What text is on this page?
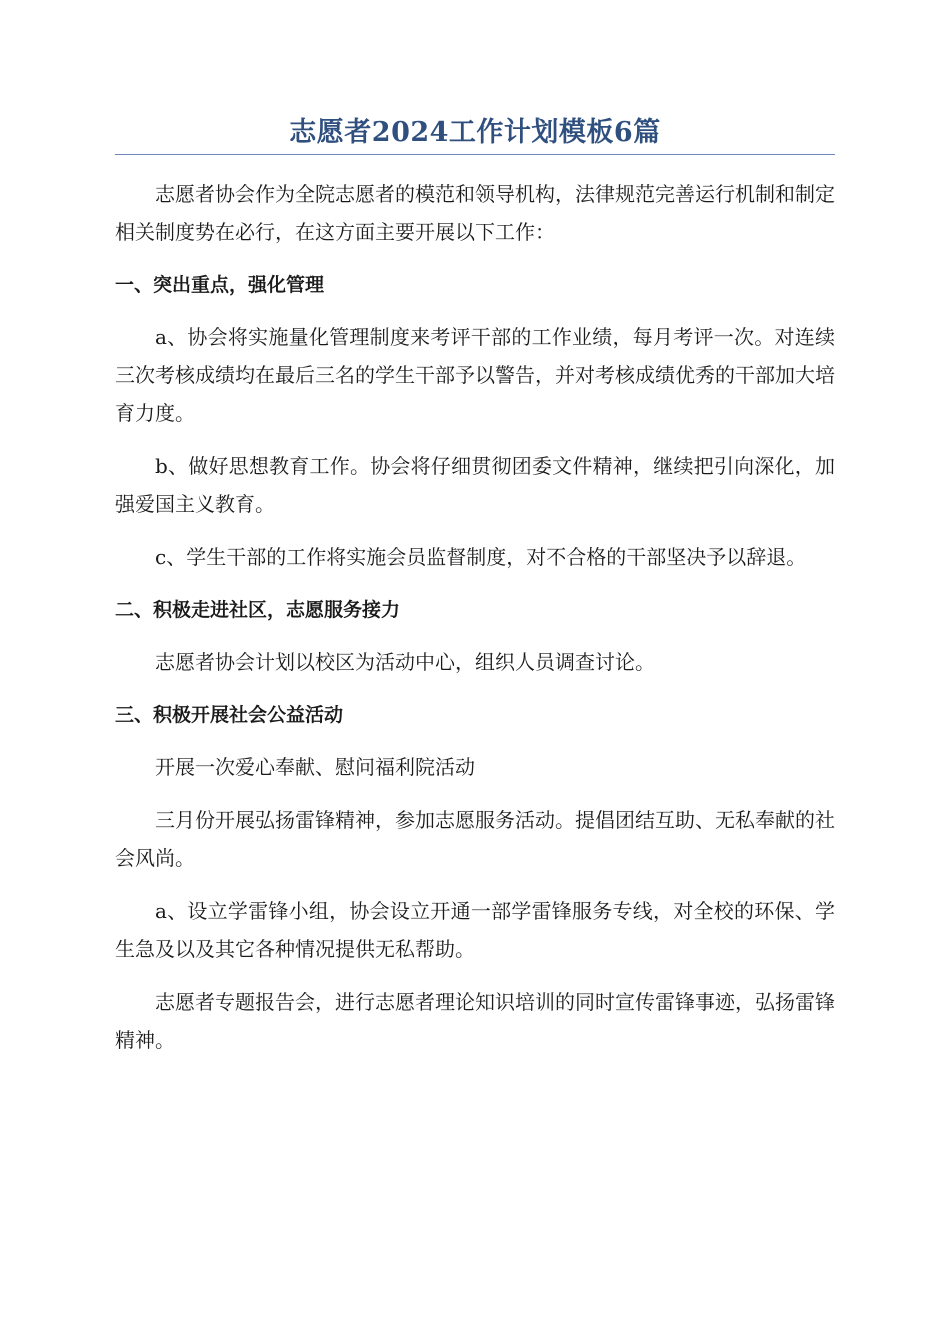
志愿者2024工作计划模板6篇

志愿者协会作为全院志愿者的模范和领导机构，法律规范完善运行机制和制定相关制度势在必行，在这方面主要开展以下工作：

一、突出重点，强化管理

a、协会将实施量化管理制度来考评干部的工作业绩，每月考评一次。对连续三次考核成绩均在最后三名的学生干部予以警告，并对考核成绩优秀的干部加大培育力度。

b、做好思想教育工作。协会将仔细贯彻团委文件精神，继续把引向深化，加强爱国主义教育。

c、学生干部的工作将实施会员监督制度，对不合格的干部坚决予以辞退。

二、积极走进社区，志愿服务接力

志愿者协会计划以校区为活动中心，组织人员调查讨论。

三、积极开展社会公益活动

开展一次爱心奉献、慰问福利院活动

三月份开展弘扬雷锋精神，参加志愿服务活动。提倡团结互助、无私奉献的社会风尚。

a、设立学雷锋小组，协会设立开通一部学雷锋服务专线，对全校的环保、学生急及以及其它各种情况提供无私帮助。

志愿者专题报告会，进行志愿者理论知识培训的同时宣传雷锋事迹，弘扬雷锋精神。
